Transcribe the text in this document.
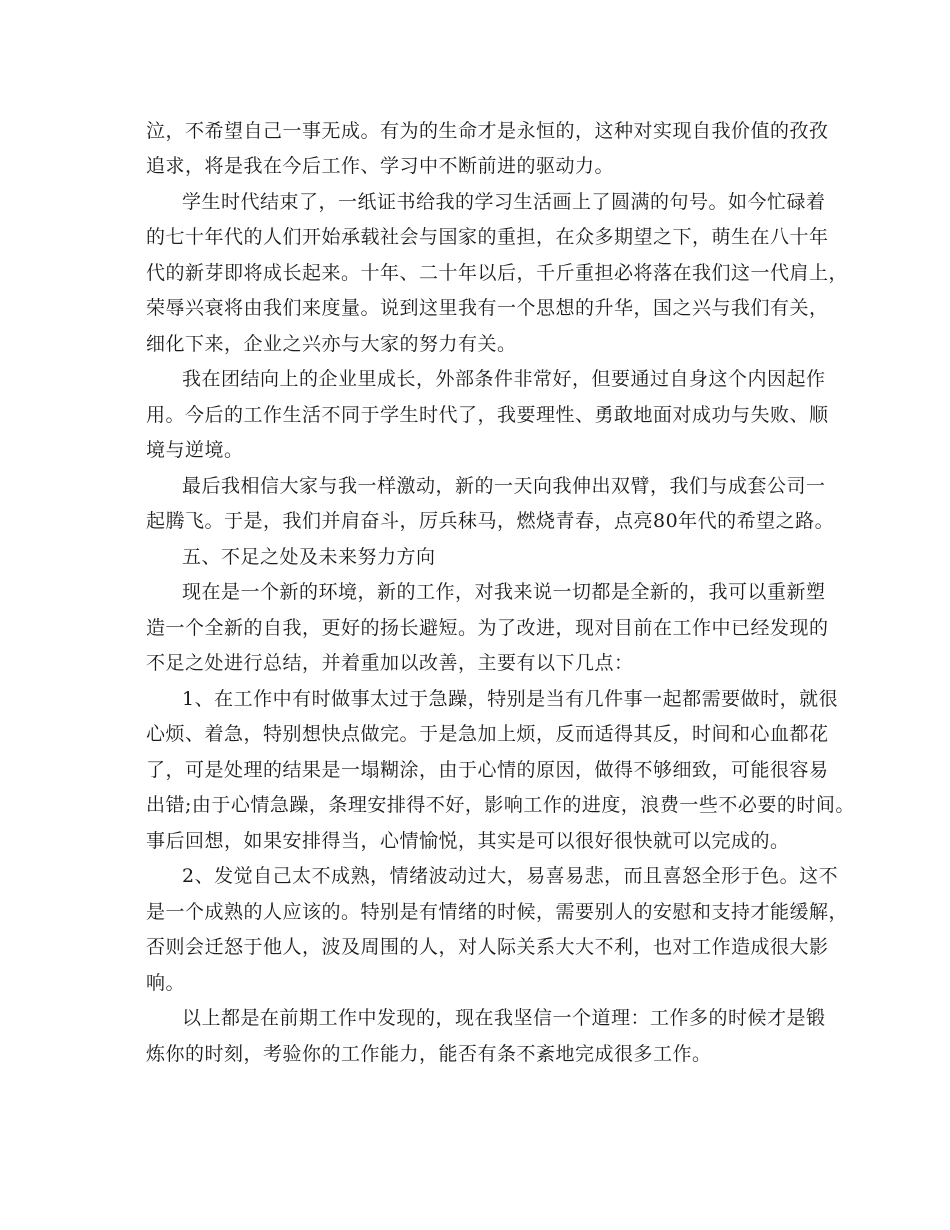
泣，不希望自己一事无成。有为的生命才是永恒的，这种对实现自我价值的孜孜
追求，将是我在今后工作、学习中不断前进的驱动力。
学生时代结束了，一纸证书给我的学习生活画上了圆满的句号。如今忙碌着
的七十年代的人们开始承载社会与国家的重担，在众多期望之下，萌生在八十年
代的新芽即将成长起来。十年、二十年以后，千斤重担必将落在我们这一代肩上，
荣辱兴衰将由我们来度量。说到这里我有一个思想的升华，国之兴与我们有关，
细化下来，企业之兴亦与大家的努力有关。
我在团结向上的企业里成长，外部条件非常好，但要通过自身这个内因起作
用。今后的工作生活不同于学生时代了，我要理性、勇敢地面对成功与失败、顺
境与逆境。
最后我相信大家与我一样激动，新的一天向我伸出双臂，我们与成套公司一
起腾飞。于是，我们并肩奋斗，厉兵秣马，燃烧青春，点亮80年代的希望之路。
五、不足之处及未来努力方向
现在是一个新的环境，新的工作，对我来说一切都是全新的，我可以重新塑
造一个全新的自我，更好的扬长避短。为了改进，现对目前在工作中已经发现的
不足之处进行总结，并着重加以改善，主要有以下几点：
1、在工作中有时做事太过于急躁，特别是当有几件事一起都需要做时，就很
心烦、着急，特别想快点做完。于是急加上烦，反而适得其反，时间和心血都花
了，可是处理的结果是一塌糊涂，由于心情的原因，做得不够细致，可能很容易
出错;由于心情急躁，条理安排得不好，影响工作的进度，浪费一些不必要的时间。
事后回想，如果安排得当，心情愉悦，其实是可以很好很快就可以完成的。
2、发觉自己太不成熟，情绪波动过大，易喜易悲，而且喜怒全形于色。这不
是一个成熟的人应该的。特别是有情绪的时候，需要别人的安慰和支持才能缓解，
否则会迁怒于他人，波及周围的人，对人际关系大大不利，也对工作造成很大影
响。
以上都是在前期工作中发现的，现在我坚信一个道理：工作多的时候才是锻
炼你的时刻，考验你的工作能力，能否有条不紊地完成很多工作。
